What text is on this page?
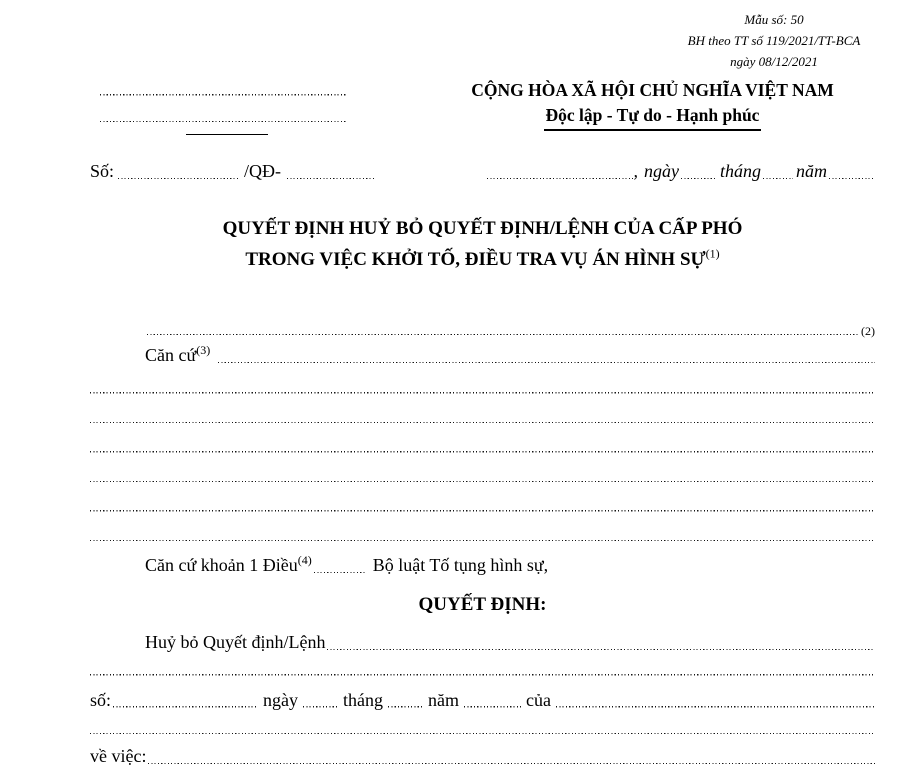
Mẫu số: 50
BH theo TT số 119/2021/TT-BCA
ngày 08/12/2021
CỘNG HÒA XÃ HỘI CHỦ NGHĨA VIỆT NAM
Độc lập - Tự do - Hạnh phúc
Số:	/QĐ-	, ngày tháng năm
QUYẾT ĐỊNH HUỶ BỎ QUYẾT ĐỊNH/LỆNH CỦA CẤP PHÓ
TRONG VIỆC KHỞI TỐ, ĐIỀU TRA VỤ ÁN HÌNH SỰ$^{(1)}$
(2)
Căn cứ$^{(3)}$
Căn cứ khoản 1 Điều$^{(4)}$	Bộ luật Tố tụng hình sự,
QUYẾT ĐỊNH:
Huỷ bỏ Quyết định/Lệnh
số:	ngày	tháng	năm	của
về việc:
